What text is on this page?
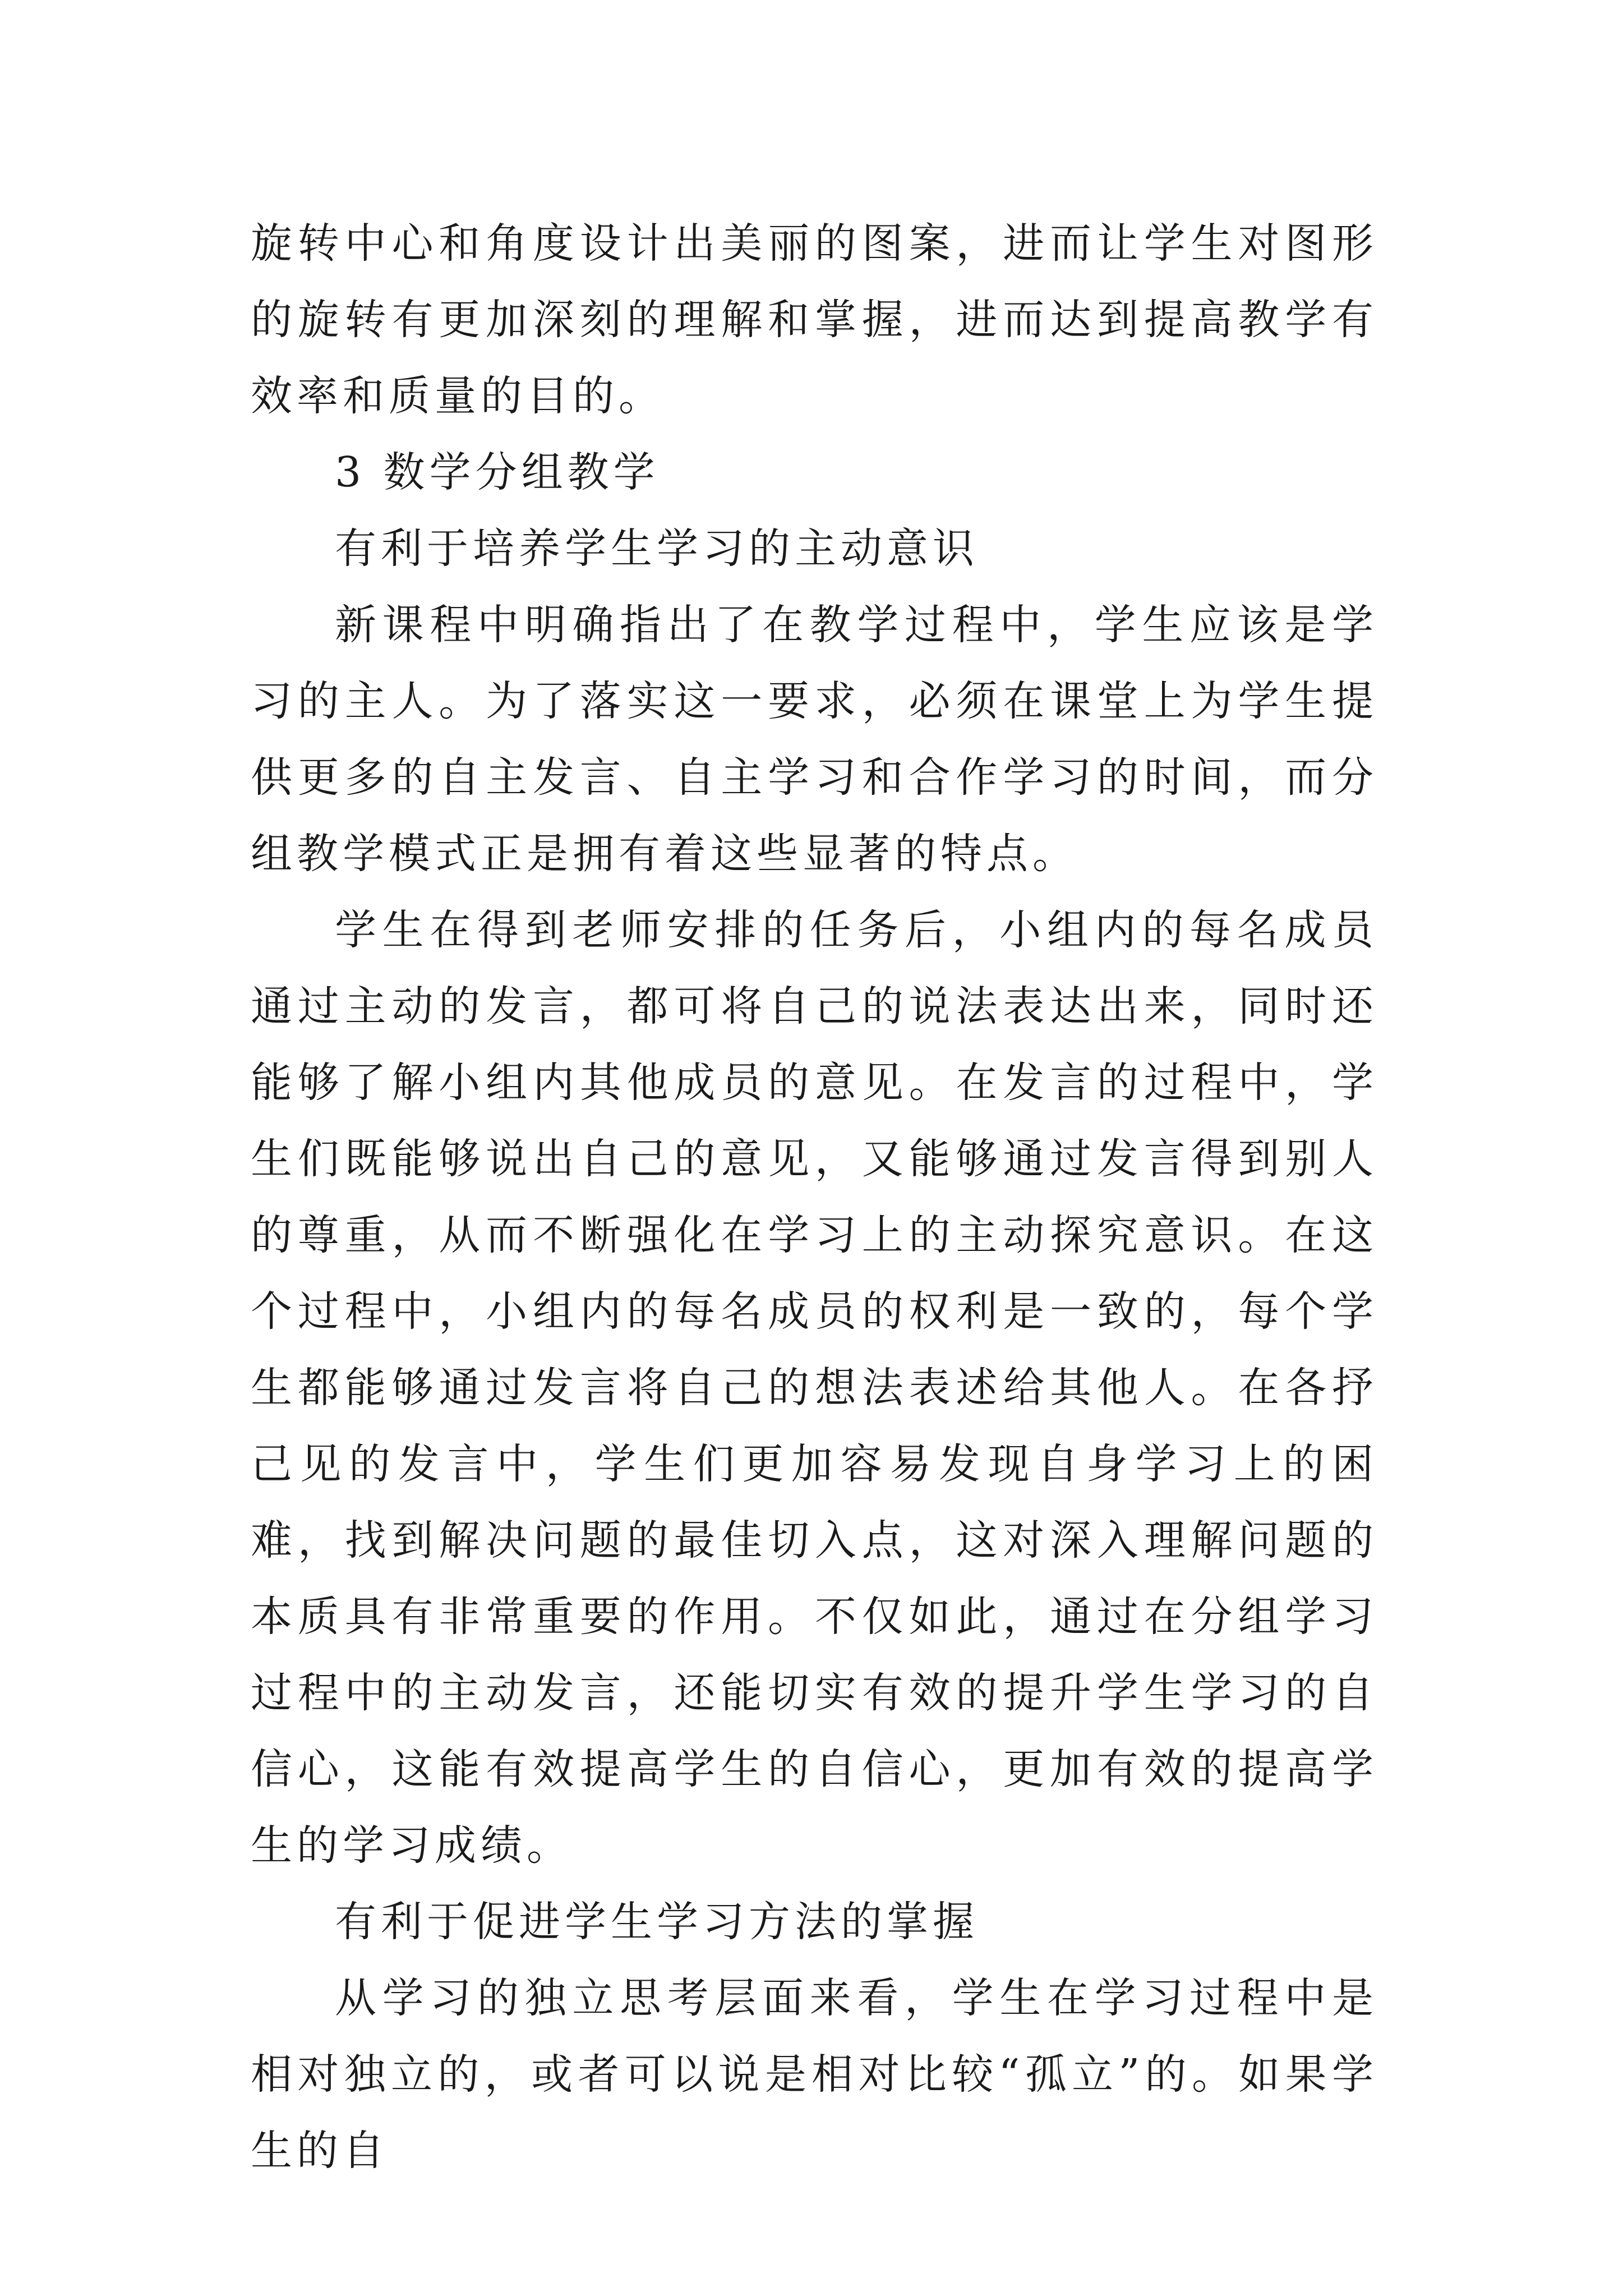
旋转中心和角度设计出美丽的图案，进而让学生对图形的旋转有更加深刻的理解和掌握，进而达到提高教学有效率和质量的目的。

3 数学分组教学

有利于培养学生学习的主动意识

新课程中明确指出了在教学过程中，学生应该是学习的主人。为了落实这一要求，必须在课堂上为学生提供更多的自主发言、自主学习和合作学习的时间，而分组教学模式正是拥有着这些显著的特点。

学生在得到老师安排的任务后，小组内的每名成员通过主动的发言，都可将自己的说法表达出来，同时还能够了解小组内其他成员的意见。在发言的过程中，学生们既能够说出自己的意见，又能够通过发言得到别人的尊重，从而不断强化在学习上的主动探究意识。在这个过程中，小组内的每名成员的权利是一致的，每个学生都能够通过发言将自己的想法表述给其他人。在各抒己见的发言中，学生们更加容易发现自身学习上的困难，找到解决问题的最佳切入点，这对深入理解问题的本质具有非常重要的作用。不仅如此，通过在分组学习过程中的主动发言，还能切实有效的提升学生学习的自信心，这能有效提高学生的自信心，更加有效的提高学生的学习成绩。

有利于促进学生学习方法的掌握

从学习的独立思考层面来看，学生在学习过程中是相对独立的，或者可以说是相对比较“孤立”的。如果学生的自
